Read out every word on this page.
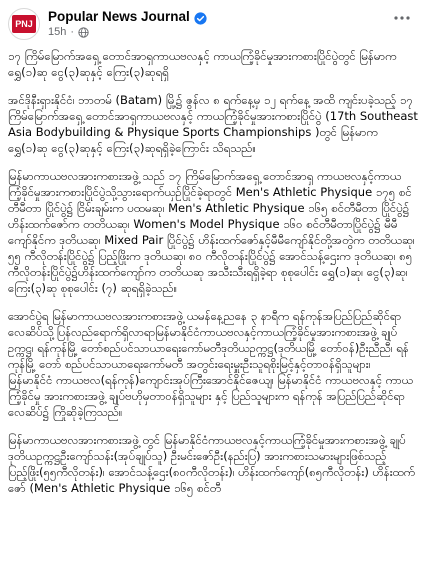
PNJ Popular News Journal
15h ·

၁၇ ကြိမ်မြောက်အရှေ့ တောင်အာရှကာယဗလနှင့် ကာယကြံ့ခိုင်မှုအားကစားပြိုင်ပွဲတွင် မြန်မာက ရွှေ(၁)ဆု ငွေ(၃)ဆုနှင့် ကြေး(၃)ဆုရရှိ

အင်ဒိုနီးရှားနိုင်ငံ၊ ဘာတမ် (Batam) မြို့၌ ဇွန်လ ၈ ရက်နေ့မှ ၁၂ ရက်နေ့ အထိ ကျင်းပခဲ့သည့် ၁၇ ကြိမ်မြောက်အရှေ့ တောင်အာရှကာယဗလနှင့် ကာယကြံ့ခိုင်မှုအားကစားပြိုင်ပွဲ (17th Southeast Asia Bodybuilding & Physique Sports Championships )တွင် မြန်မာက ရွှေ(၁)ဆု ငွေ(၃)ဆုနှင့် ကြေး(၃)ဆုရရှိခဲ့ကြောင်း သိရသည်။

မြန်မာကာယဗလအားကစားအဖွဲ့ သည် ၁၇ ကြိမ်မြောက်အရှေ့ တောင်အာရှ ကာယဗလနှင့်ကာယကြံ့ခိုင်မှုအားကစားပြိုင်ပွဲသို့သွားရောက်ယှဉ်ပြိုင်ခဲ့ရာတွင် Men's Athletic Physique ၁၇၅ စင်တီမီတာ ပြိုင်ပွဲ၌ ငြိမ်းချမ်းက ပထမဆု၊ Men's Athletic Physique ၁၆၅ စင်တီမီတာ ပြိုင်ပွဲ၌ ဟိန်းထက်ဇော်က တတိယဆု၊ Women's Model Physique ၁၆၀ စင်တီမီတာပြိုင်ပွဲ၌ မီမီကျော်နိုင်က ဒုတိယဆု၊ Mixed Pair ပြိုင်ပွဲ၌ ဟိန်းထက်ဇော်နှင့်မီမီကျော်နိုင်တို့အတွဲက တတိယဆု၊ ၅၅ ကီလိုတန်းပြိုင်ပွဲ၌ ပြည့်ဖြိုးက ဒုတိယဆု၊ ၈၀ ကီလိုတန်းပြိုင်ပွဲ၌ အောင်သန့်ဌေးက ဒုတိယဆု၊ ၈၅ ကီလိုတန်းပြိုင်ပွဲ၌ဟိန်းထက်ကျော်က တတိယဆု အသီးသီးရရှိခဲ့ရာ စုစုပေါင်း ရွှေ(၁)ဆု၊ ငွေ(၃)ဆု၊ ကြေး(၃)ဆု စုစုပေါင်း (၇) ဆုရရှိခဲ့သည်။

အောင်ပွဲရ မြန်မာကာယဗလအားကစားအဖွဲ့ ယမန်နေ့ညနေ ၃ နာရီက ရန်ကုန်အပြည်ပြည်ဆိုင်ရာ လေဆိပ်သို့ပြန်လည်ရောက်ရှိလာရာမြန်မာနိုင်ငံကာယဗလနှင့်ကာယကြံ့ခိုင်မှုအားကစားအဖွဲ့ ချုပ်ဥက္ကဋ္ဌ၊ ရန်ကုန်မြို့ တော်စည်ပင်သာယာရေးကော်မတီဒုတိယဥက္ကဋ္ဌ(ဒုတိယမြို့ တော်ဝန်)ဦးညီညီ၊ ရန်ကုန်မြို့ တော် စည်ပင်သာယာရေးကော်မတီ အတွင်းရေးမှူးဦးသူရစိုးမြင့်နှင့်တာဝန်ရှိသူများ၊ မြန်မာနိုင်ငံ ကာယဗလ(ရန်ကုန်)ကျောင်းအုပ်ကြီးအောင်နိုင်ဇေယျ၊ မြန်မာနိုင်ငံ ကာယဗလနှင့် ကာယကြံ့ခိုင်မှု အားကစားအဖွဲ့ ချုပ်ဗဟိုမှတာဝန်ရှိသူများ နှင့် ပြည်သူများက ရန်ကုန် အပြည်ပြည်ဆိုင်ရာလေဆိပ်၌ ကြိုဆိုခဲ့ကြသည်။

မြန်မာကာယဗလအားကစားအဖွဲ့ တွင် မြန်မာနိုင်ငံကာယဗလနှင့်ကာယကြံ့ခိုင်မှုအားကစားအဖွဲ့ ချုပ်ဒုတိယဥက္ကဋ္ဌဦးကျော်သန်း(အုပ်ချုပ်သူ) ဦးမင်းဇော်ဦး(နည်းပြ) အားကစားသမားများဖြစ်သည့် ပြည့်ဖြိုး(၅၅ကီလိုတန်း)၊ အောင်သန့်ဌေး(၈၀ကီလိုတန်း)၊ ဟိန်းထက်ကျော်(၈၅ကီလိုတန်း) ဟိန်းထက်ဇော် (Men's Athletic Physique ၁၆၅ စင်တီ
